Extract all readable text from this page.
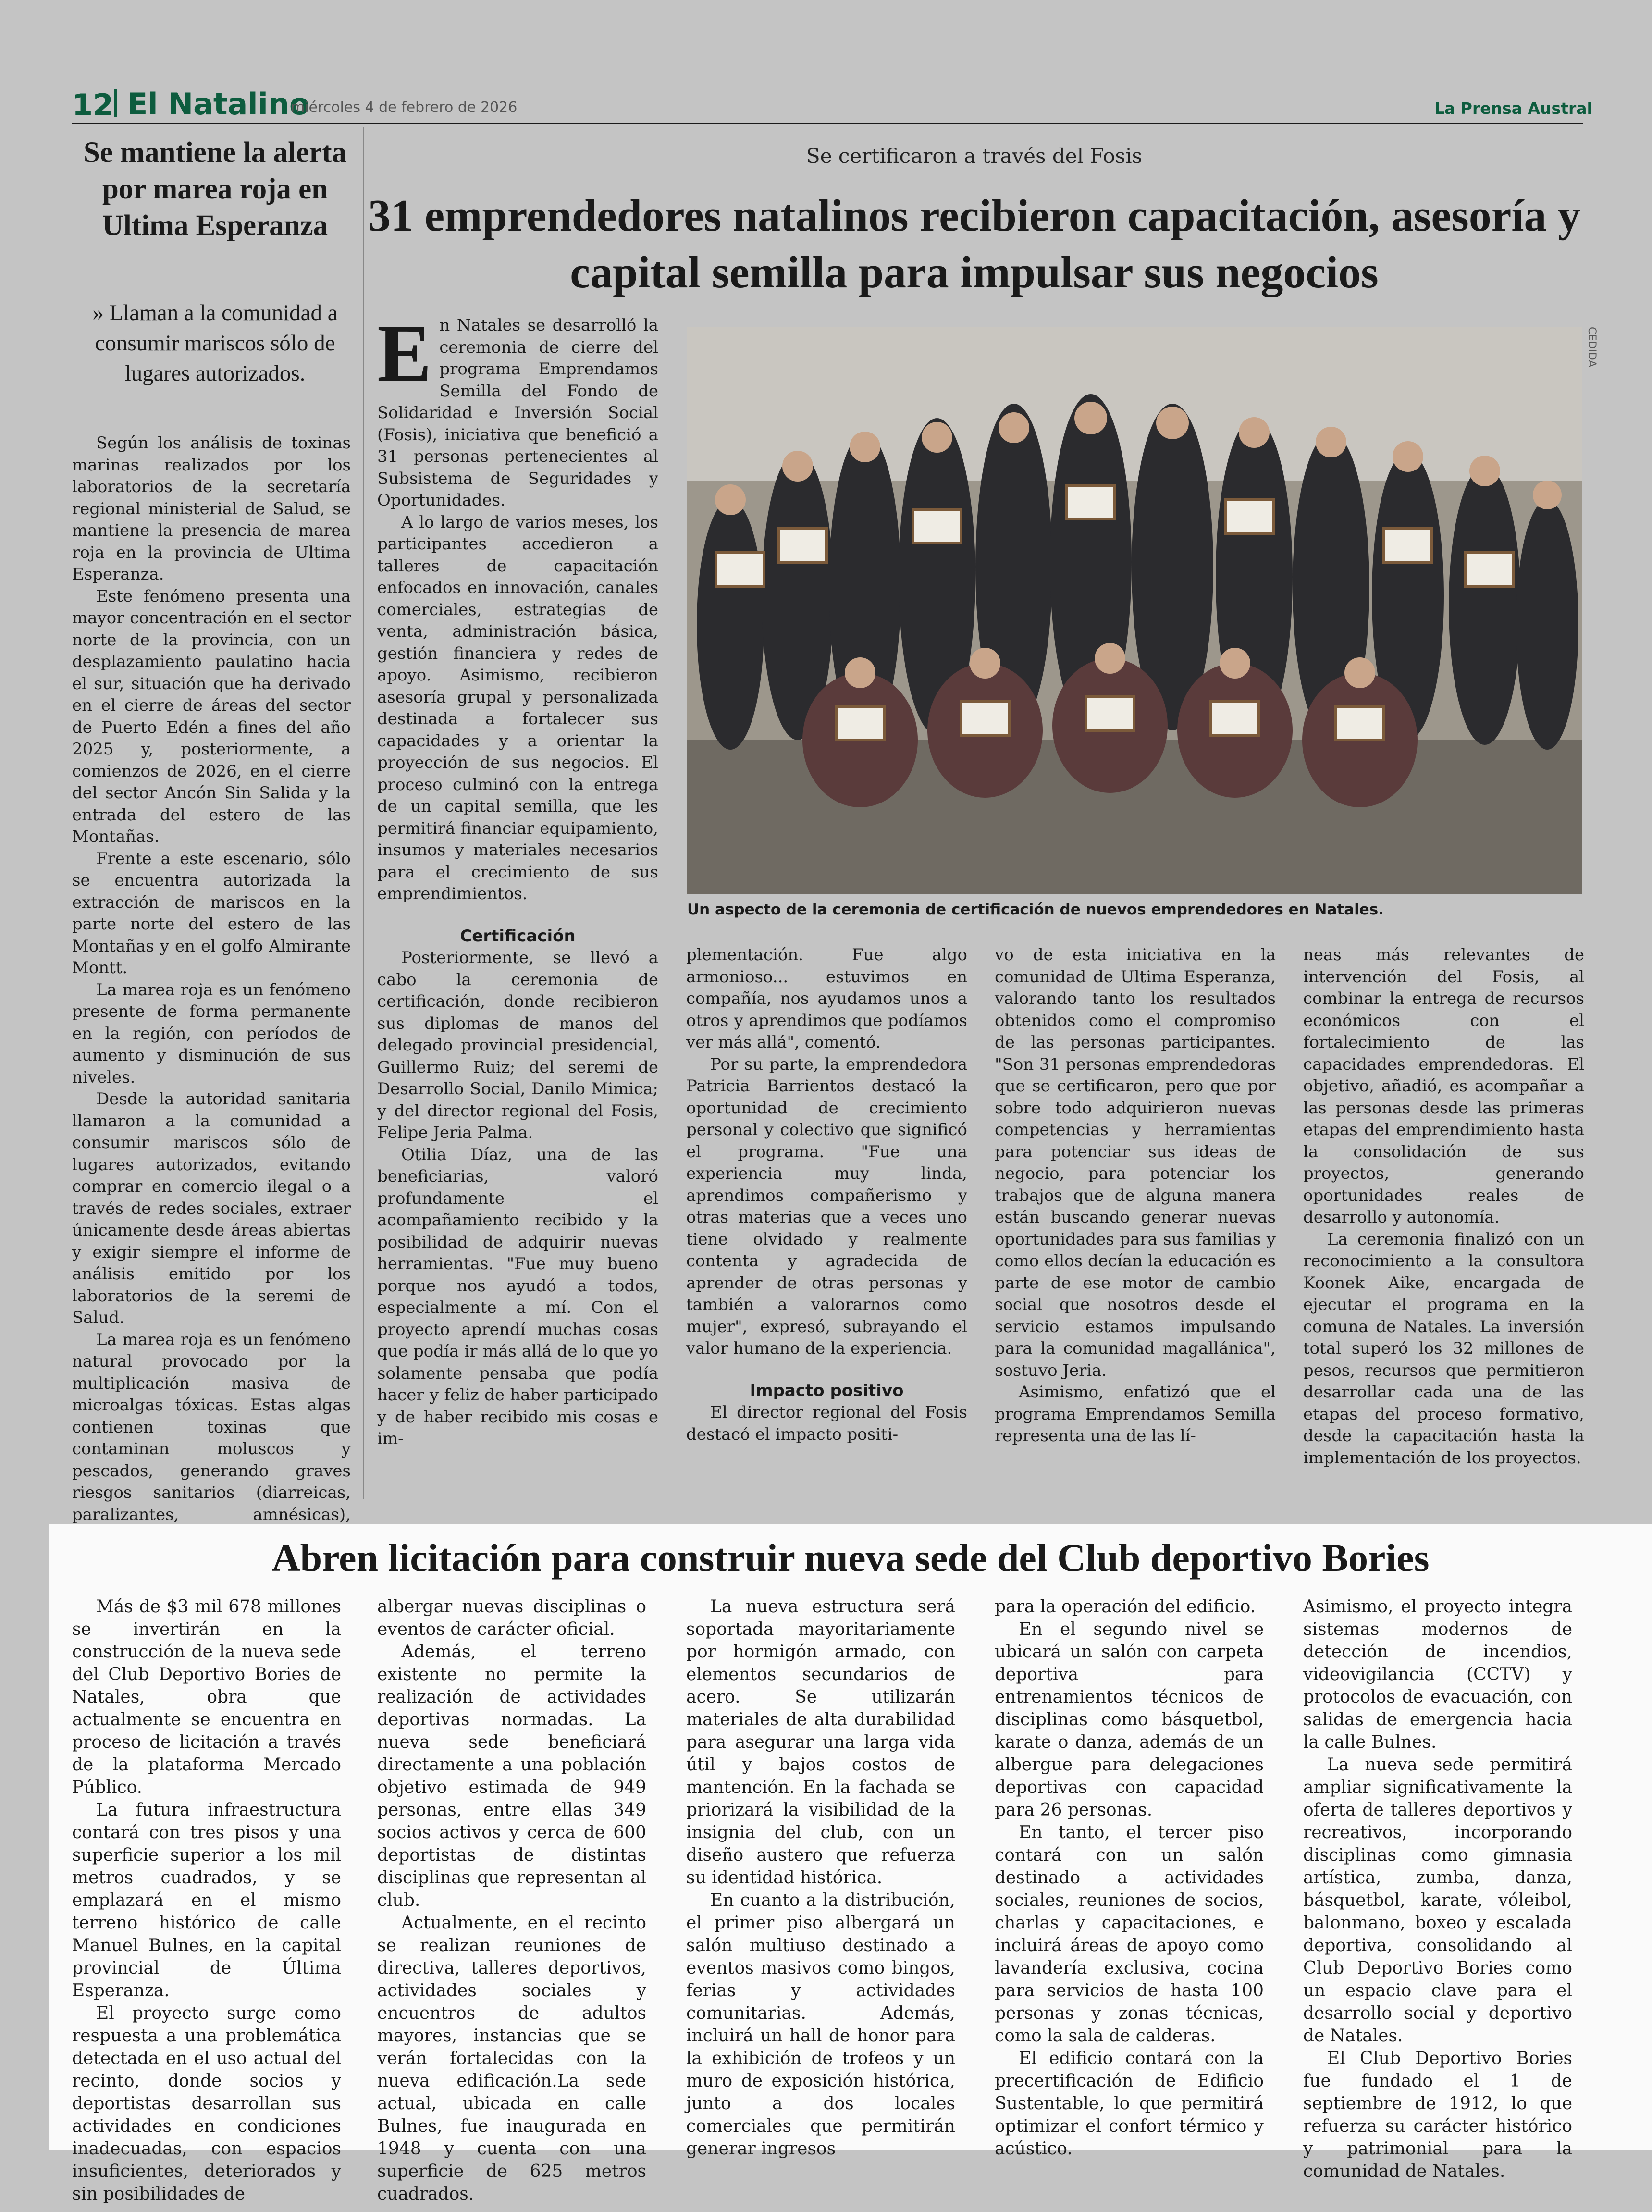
12 El Natalino
miércoles 4 de febrero de 2026	La Prensa Austral
Se mantiene la alerta por marea roja en Ultima Esperanza
» Llaman a la comunidad a consumir mariscos sólo de lugares autorizados.

Según los análisis de toxinas marinas realizados por los laboratorios de la secretaría regional ministerial de Salud, se mantiene la presencia de marea roja en la provincia de Ultima Esperanza.

Este fenómeno presenta una mayor concentración en el sector norte de la provincia, con un desplazamiento paulatino hacia el sur, situación que ha derivado en el cierre de áreas del sector de Puerto Edén a fines del año 2025 y, posteriormente, a comienzos de 2026, en el cierre del sector Ancón Sin Salida y la entrada del estero de las Montañas.

Frente a este escenario, sólo se encuentra autorizada la extracción de mariscos en la parte norte del estero de las Montañas y en el golfo Almirante Montt.

La marea roja es un fenómeno presente de forma permanente en la región, con períodos de aumento y disminución de sus niveles.

Desde la autoridad sanitaria llamaron a la comunidad a consumir mariscos sólo de lugares autorizados, evitando comprar en comercio ilegal o a través de redes sociales, extraer únicamente desde áreas abiertas y exigir siempre el informe de análisis emitido por los laboratorios de la seremi de Salud.

La marea roja es un fenómeno natural provocado por la multiplicación masiva de microalgas tóxicas. Estas algas contienen toxinas que contaminan moluscos y pescados, generando graves riesgos sanitarios (diarreicas, paralizantes, amnésicas),

Se certificaron a través del Fosis
31 emprendedores natalinos recibieron capacitación, asesoría y capital semilla para impulsar sus negocios

En Natales se desarrolló la ceremonia de cierre del programa Emprendamos Semilla del Fondo de Solidaridad e Inversión Social (Fosis), iniciativa que benefició a 31 personas pertenecientes al Subsistema de Seguridades y Oportunidades.

A lo largo de varios meses, los participantes accedieron a talleres de capacitación enfocados en innovación, canales comerciales, estrategias de venta, administración básica, gestión financiera y redes de apoyo. Asimismo, recibieron asesoría grupal y personalizada destinada a fortalecer sus capacidades y a orientar la proyección de sus negocios. El proceso culminó con la entrega de un capital semilla, que les permitirá financiar equipamiento, insumos y materiales necesarios para el crecimiento de sus emprendimientos.

Certificación

Posteriormente, se llevó a cabo la ceremonia de certificación, donde recibieron sus diplomas de manos del delegado provincial presidencial, Guillermo Ruiz; del seremi de Desarrollo Social, Danilo Mimica; y del director regional del Fosis, Felipe Jeria Palma.

Otilia Díaz, una de las beneficiarias, valoró profundamente el acompañamiento recibido y la posibilidad de adquirir nuevas herramientas. "Fue muy bueno porque nos ayudó a todos, especialmente a mí. Con el proyecto aprendí muchas cosas que podía ir más allá de lo que yo solamente pensaba que podía hacer y feliz de haber participado y de haber recibido mis cosas e im-

CEDIDA
Un aspecto de la ceremonia de certificación de nuevos emprendedores en Natales.

plementación. Fue algo armonioso... estuvimos en compañía, nos ayudamos unos a otros y aprendimos que podíamos ver más allá", comentó.

Por su parte, la emprendedora Patricia Barrientos destacó la oportunidad de crecimiento personal y colectivo que significó el programa. "Fue una experiencia muy linda, aprendimos compañerismo y otras materias que a veces uno tiene olvidado y realmente contenta y agradecida de aprender de otras personas y también a valorarnos como mujer", expresó, subrayando el valor humano de la experiencia.

Impacto positivo

El director regional del Fosis destacó el impacto positi-

vo de esta iniciativa en la comunidad de Ultima Esperanza, valorando tanto los resultados obtenidos como el compromiso de las personas participantes. "Son 31 personas emprendedoras que se certificaron, pero que por sobre todo adquirieron nuevas competencias y herramientas para potenciar sus ideas de negocio, para potenciar los trabajos que de alguna manera están buscando generar nuevas oportunidades para sus familias y como ellos decían la educación es parte de ese motor de cambio social que nosotros desde el servicio estamos impulsando para la comunidad magallánica", sostuvo Jeria.

Asimismo, enfatizó que el programa Emprendamos Semilla representa una de las lí-

neas más relevantes de intervención del Fosis, al combinar la entrega de recursos económicos con el fortalecimiento de las capacidades emprendedoras. El objetivo, añadió, es acompañar a las personas desde las primeras etapas del emprendimiento hasta la consolidación de sus proyectos, generando oportunidades reales de desarrollo y autonomía.

La ceremonia finalizó con un reconocimiento a la consultora Koonek Aike, encargada de ejecutar el programa en la comuna de Natales. La inversión total superó los 32 millones de pesos, recursos que permitieron desarrollar cada una de las etapas del proceso formativo, desde la capacitación hasta la implementación de los proyectos.

Abren licitación para construir nueva sede del Club deportivo Bories

Más de $3 mil 678 millones se invertirán en la construcción de la nueva sede del Club Deportivo Bories de Natales, obra que actualmente se encuentra en proceso de licitación a través de la plataforma Mercado Público.

La futura infraestructura contará con tres pisos y una superficie superior a los mil metros cuadrados, y se emplazará en el mismo terreno histórico de calle Manuel Bulnes, en la capital provincial de Última Esperanza.

El proyecto surge como respuesta a una problemática detectada en el uso actual del recinto, donde socios y deportistas desarrollan sus actividades en condiciones inadecuadas, con espacios insuficientes, deteriorados y sin posibilidades de

albergar nuevas disciplinas o eventos de carácter oficial.

Además, el terreno existente no permite la realización de actividades deportivas normadas. La nueva sede beneficiará directamente a una población objetivo estimada de 949 personas, entre ellas 349 socios activos y cerca de 600 deportistas de distintas disciplinas que representan al club.

Actualmente, en el recinto se realizan reuniones de directiva, talleres deportivos, actividades sociales y encuentros de adultos mayores, instancias que se verán fortalecidas con la nueva edificación.La sede actual, ubicada en calle Bulnes, fue inaugurada en 1948 y cuenta con una superficie de 625 metros cuadrados.

La nueva estructura será soportada mayoritariamente por hormigón armado, con elementos secundarios de acero. Se utilizarán materiales de alta durabilidad para asegurar una larga vida útil y bajos costos de mantención. En la fachada se priorizará la visibilidad de la insignia del club, con un diseño austero que refuerza su identidad histórica.

En cuanto a la distribución, el primer piso albergará un salón multiuso destinado a eventos masivos como bingos, ferias y actividades comunitarias. Además, incluirá un hall de honor para la exhibición de trofeos y un muro de exposición histórica, junto a dos locales comerciales que permitirán generar ingresos

para la operación del edificio.

En el segundo nivel se ubicará un salón con carpeta deportiva para entrenamientos técnicos de disciplinas como básquetbol, karate o danza, además de un albergue para delegaciones deportivas con capacidad para 26 personas.

En tanto, el tercer piso contará con un salón destinado a actividades sociales, reuniones de socios, charlas y capacitaciones, e incluirá áreas de apoyo como lavandería exclusiva, cocina para servicios de hasta 100 personas y zonas técnicas, como la sala de calderas.

El edificio contará con la precertificación de Edificio Sustentable, lo que permitirá optimizar el confort térmico y acústico.

Asimismo, el proyecto integra sistemas modernos de detección de incendios, videovigilancia (CCTV) y protocolos de evacuación, con salidas de emergencia hacia la calle Bulnes.

La nueva sede permitirá ampliar significativamente la oferta de talleres deportivos y recreativos, incorporando disciplinas como gimnasia artística, zumba, danza, básquetbol, karate, vóleibol, balonmano, boxeo y escalada deportiva, consolidando al Club Deportivo Bories como un espacio clave para el desarrollo social y deportivo de Natales.

El Club Deportivo Bories fue fundado el 1 de septiembre de 1912, lo que refuerza su carácter histórico y patrimonial para la comunidad de Natales.
